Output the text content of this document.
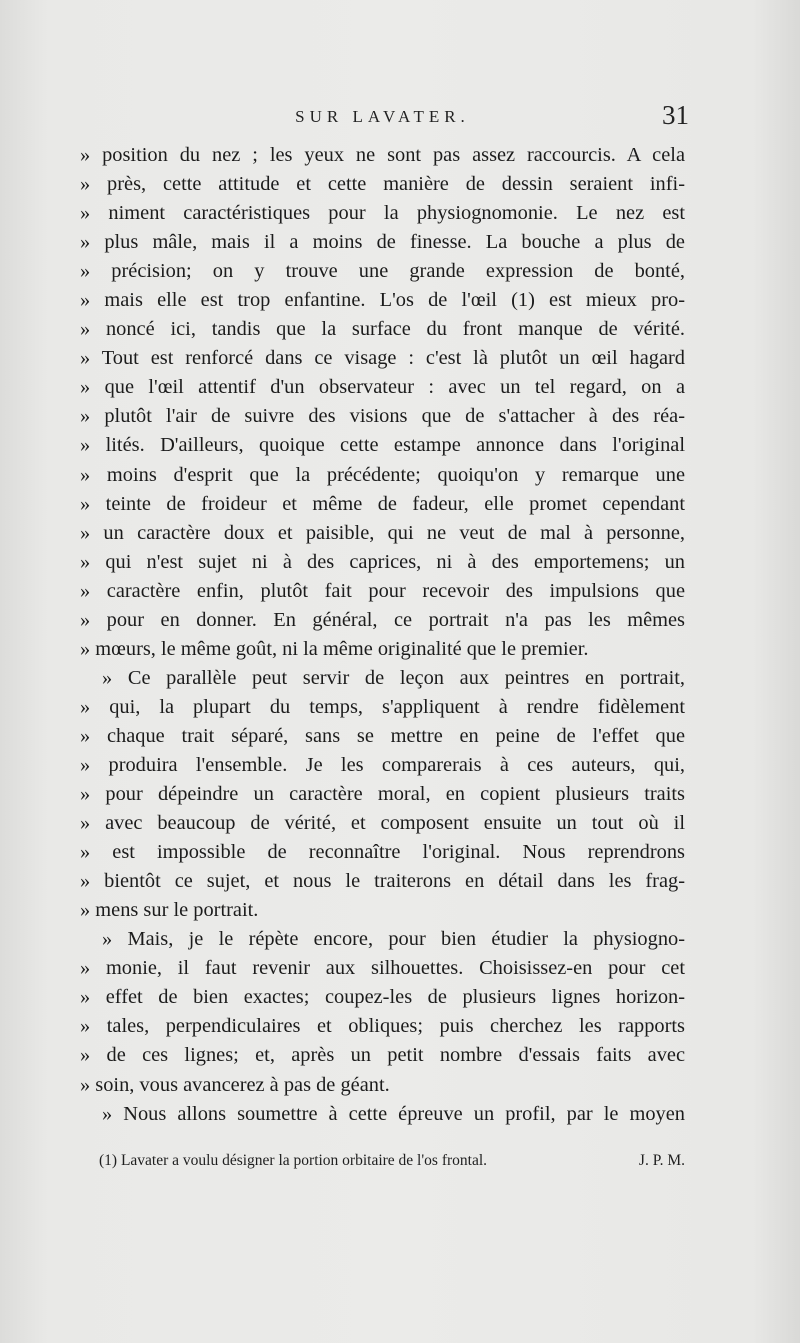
SUR LAVATER.	31
» position du nez ; les yeux ne sont pas assez raccourcis. A cela
» près, cette attitude et cette manière de dessin seraient infi-
» niment caractéristiques pour la physiognomonie. Le nez est
» plus mâle, mais il a moins de finesse. La bouche a plus de
» précision; on y trouve une grande expression de bonté,
» mais elle est trop enfantine. L'os de l'œil (1) est mieux pro-
» noncé ici, tandis que la surface du front manque de vérité.
» Tout est renforcé dans ce visage : c'est là plutôt un œil hagard
» que l'œil attentif d'un observateur : avec un tel regard, on a
» plutôt l'air de suivre des visions que de s'attacher à des réa-
» lités. D'ailleurs, quoique cette estampe annonce dans l'original
» moins d'esprit que la précédente; quoiqu'on y remarque une
» teinte de froideur et même de fadeur, elle promet cependant
» un caractère doux et paisible, qui ne veut de mal à personne,
» qui n'est sujet ni à des caprices, ni à des emportemens; un
» caractère enfin, plutôt fait pour recevoir des impulsions que
» pour en donner. En général, ce portrait n'a pas les mêmes
» mœurs, le même goût, ni la même originalité que le premier.
» Ce parallèle peut servir de leçon aux peintres en portrait,
» qui, la plupart du temps, s'appliquent à rendre fidèlement
» chaque trait séparé, sans se mettre en peine de l'effet que
» produira l'ensemble. Je les comparerais à ces auteurs, qui,
» pour dépeindre un caractère moral, en copient plusieurs traits
» avec beaucoup de vérité, et composent ensuite un tout où il
» est impossible de reconnaître l'original. Nous reprendrons
» bientôt ce sujet, et nous le traiterons en détail dans les frag-
» mens sur le portrait.
» Mais, je le répète encore, pour bien étudier la physiogno-
» monie, il faut revenir aux silhouettes. Choisissez-en pour cet
» effet de bien exactes; coupez-les de plusieurs lignes horizon-
» tales, perpendiculaires et obliques; puis cherchez les rapports
» de ces lignes; et, après un petit nombre d'essais faits avec
» soin, vous avancerez à pas de géant.
» Nous allons soumettre à cette épreuve un profil, par le moyen
(1) Lavater a voulu désigner la portion orbitaire de l'os frontal.	J. P. M.
